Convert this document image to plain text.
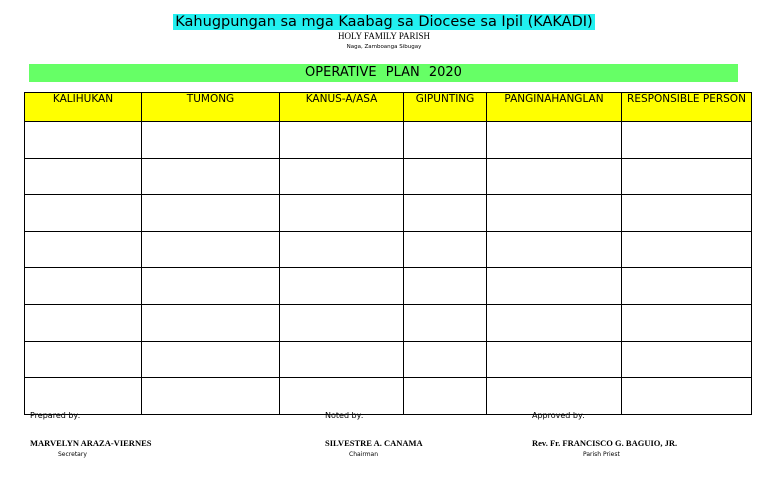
Kahugpungan sa mga Kaabag sa Diocese sa Ipil (KAKADI)
HOLY FAMILY PARISH
Naga, Zamboanga Sibugay
OPERATIVE PLAN 2020
KALIHUKAN	TUMONG	KANUS-A/ASA	GIPUNTING	PANGINAHANGLAN	RESPONSIBLE PERSON

Prepared by:
MARVELYN ARAZA-VIERNES
Secretary
Noted by:
SILVESTRE A. CANAMA
Chairman
Approved by:
Rev. Fr. FRANCISCO G. BAGUIO, JR.
Parish Priest
